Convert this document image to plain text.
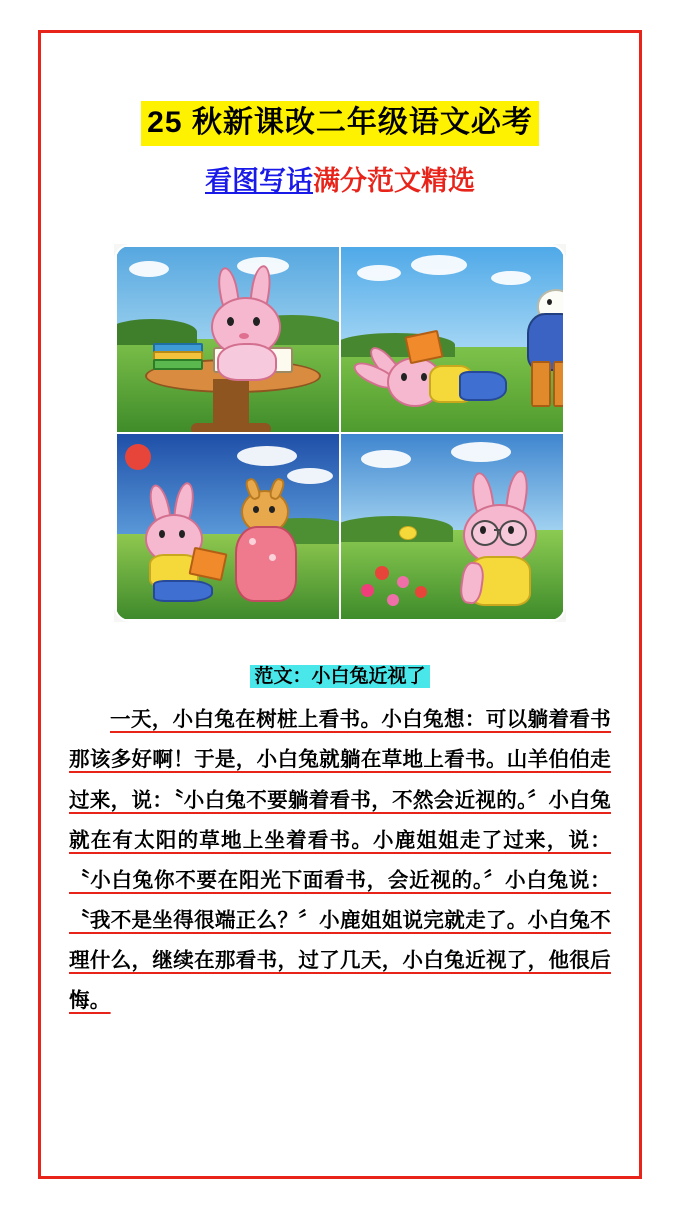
25 秋新课改二年级语文必考
看图写话满分范文精选
范文：小白兔近视了

一天，小白兔在树桩上看书。小白兔想：可以躺着看书那该多好啊！于是，小白兔就躺在草地上看书。山羊伯伯走过来，说：〝小白兔不要躺着看书，不然会近视的。〞小白兔就在有太阳的草地上坐着看书。小鹿姐姐走了过来，说：〝小白兔你不要在阳光下面看书，会近视的。〞小白兔说：〝我不是坐得很端正么？〞小鹿姐姐说完就走了。小白兔不理什么，继续在那看书，过了几天，小白兔近视了，他很后悔。
